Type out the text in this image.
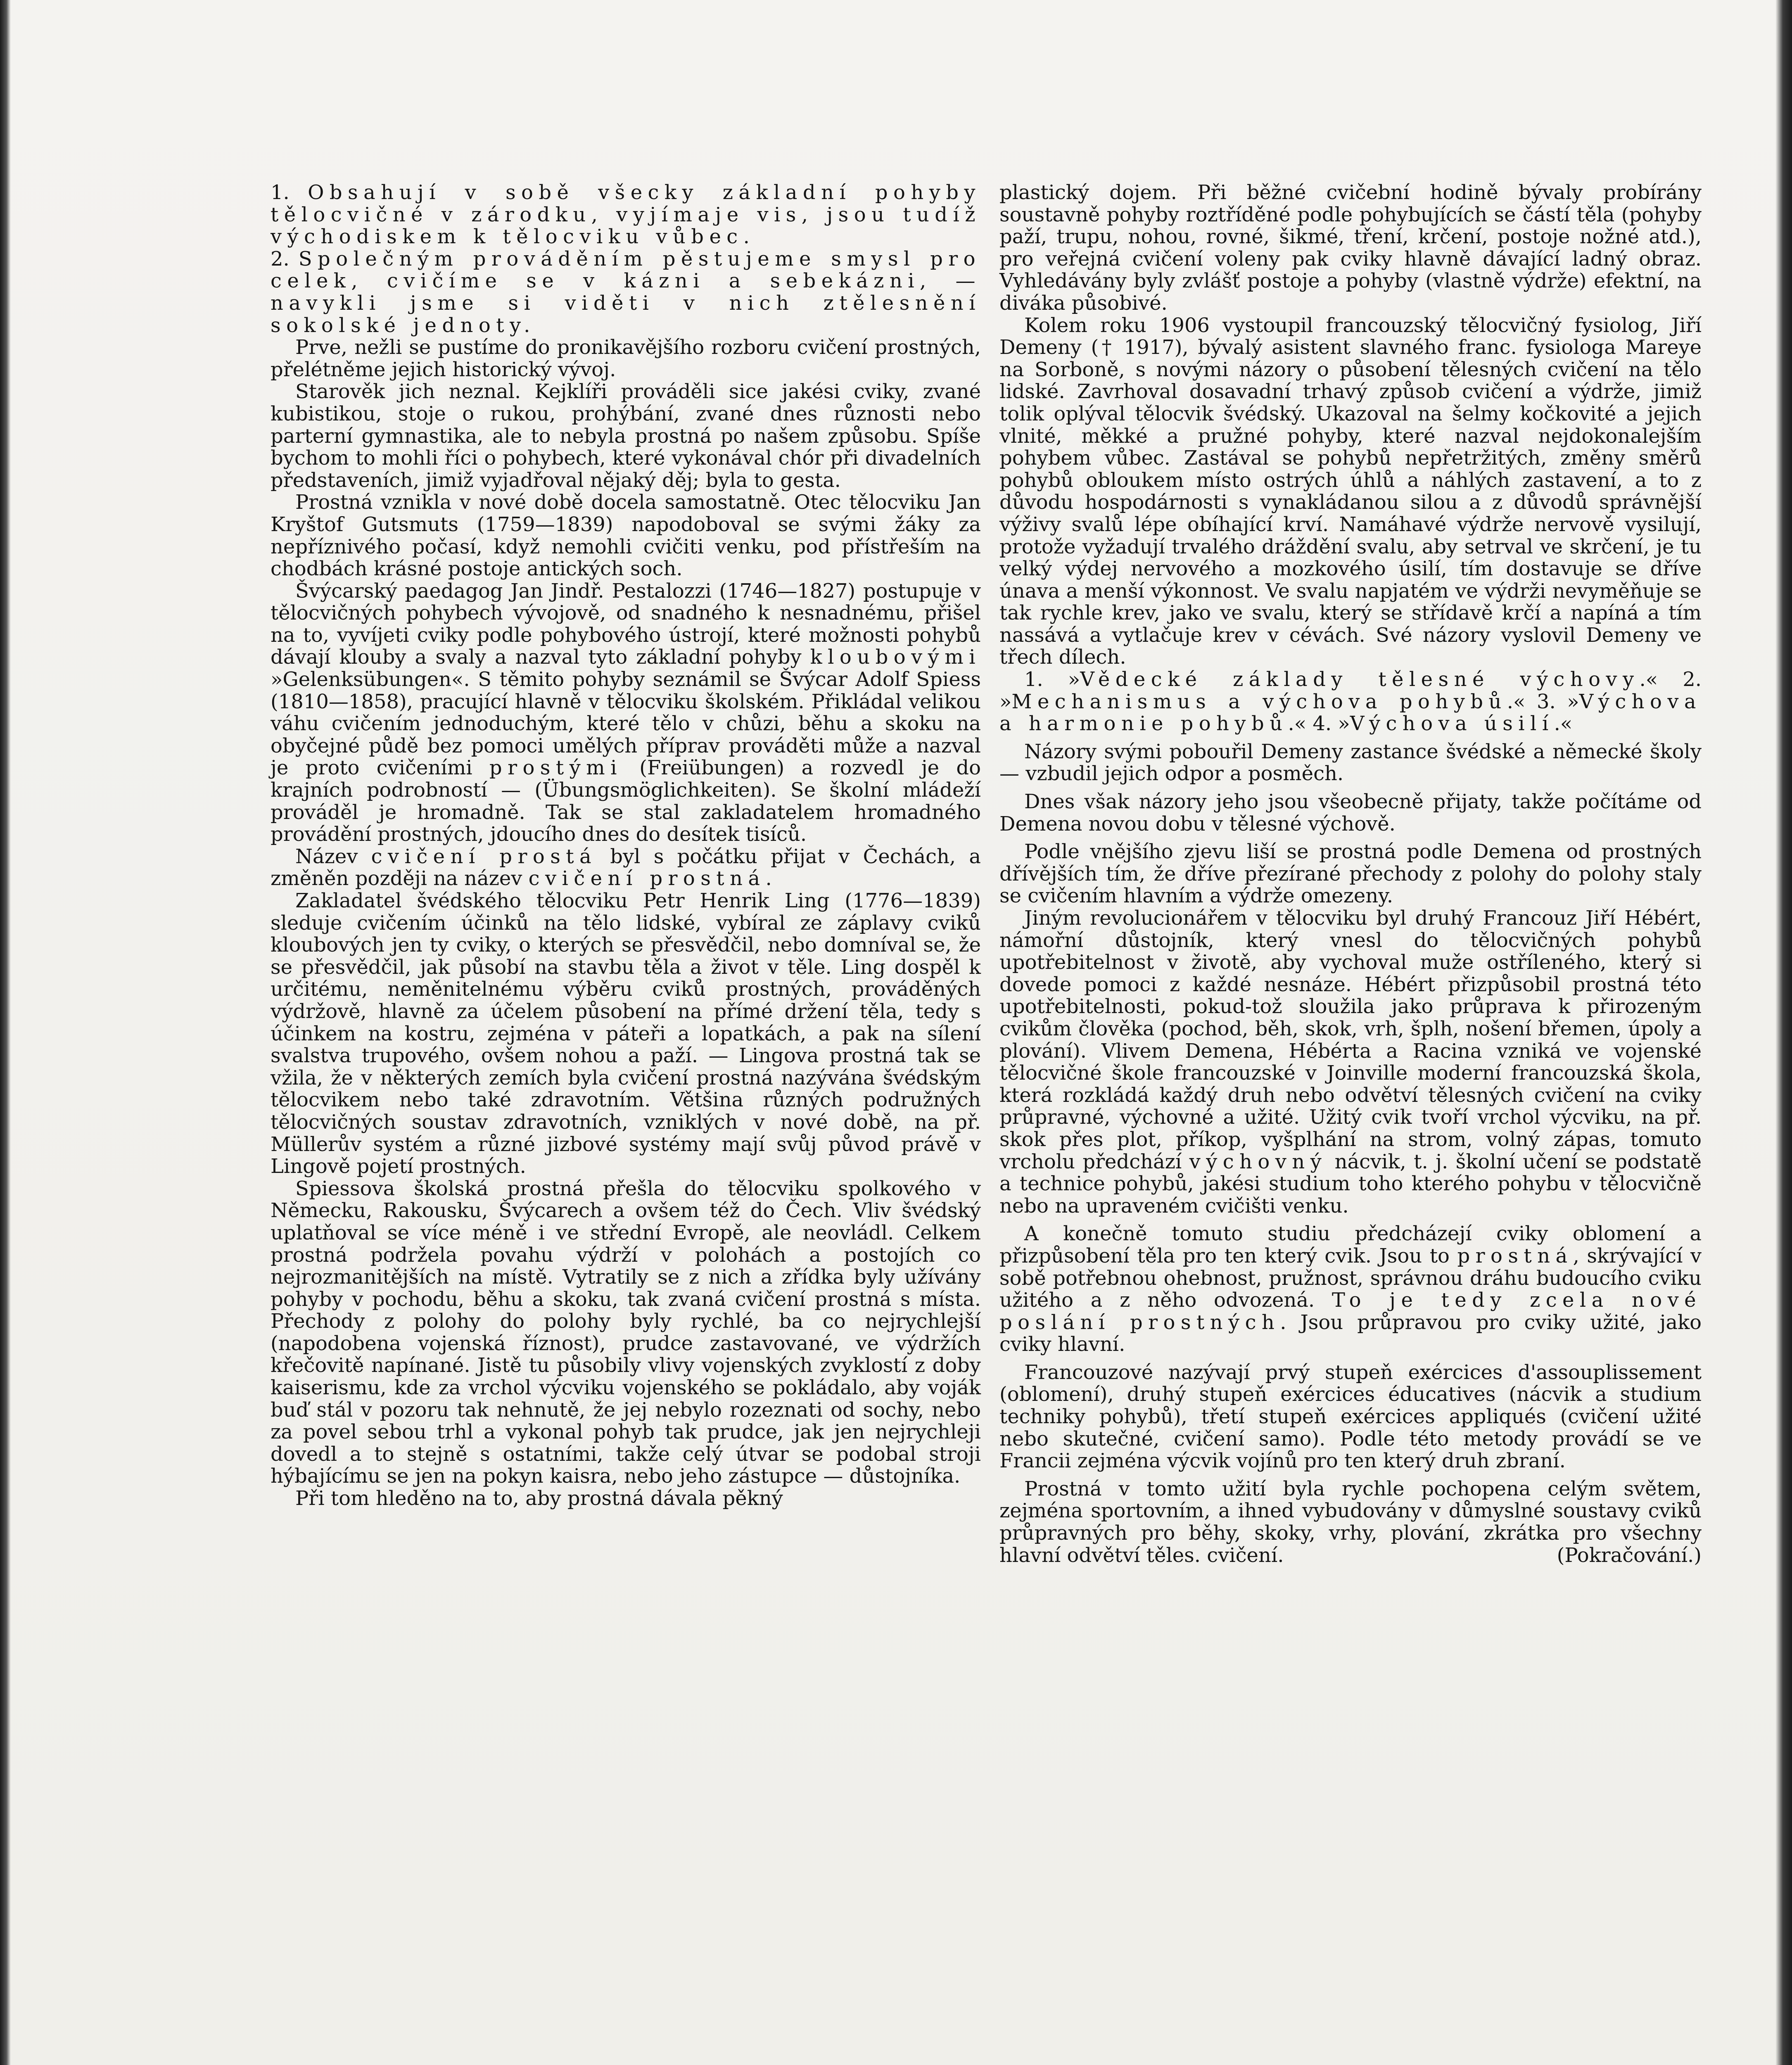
1. Obsahují v sobě všecky základní pohyby tělocvičné v zárodku, vyjímaje vis, jsou tudíž východiskem k tělocviku vůbec.

2. Společným prováděním pěstujeme smysl pro celek, cvičíme se v kázni a sebekázni, — navykli jsme si viděti v nich ztělesnění sokolské jednoty.

Prve, nežli se pustíme do pronikavějšího rozboru cvičení prostných, přelétněme jejich historický vývoj.

Starověk jich neznal. Kejklíři prováděli sice jakési cviky, zvané kubistikou, stoje o rukou, prohýbání, zvané dnes různosti nebo parterní gymnastika, ale to nebyla prostná po našem způsobu. Spíše bychom to mohli říci o pohybech, které vykonával chór při divadelních představeních, jimiž vyjadřoval nějaký děj; byla to gesta.

Prostná vznikla v nové době docela samostatně. Otec tělocviku Jan Kryštof Gutsmuts (1759—1839) napodoboval se svými žáky za nepříznivého počasí, když nemohli cvičiti venku, pod přístřeším na chodbách krásné postoje antických soch.

Švýcarský paedagog Jan Jindř. Pestalozzi (1746—1827) postupuje v tělocvičných pohybech vývojově, od snadného k nesnadnému, přišel na to, vyvíjeti cviky podle pohybového ústrojí, které možnosti pohybů dávají klouby a svaly a nazval tyto základní pohyby kloubovými »Gelenksübungen«. S těmito pohyby seznámil se Švýcar Adolf Spiess (1810—1858), pracující hlavně v tělocviku školském. Přikládal velikou váhu cvičením jednoduchým, které tělo v chůzi, běhu a skoku na obyčejné půdě bez pomoci umělých příprav prováděti může a nazval je proto cvičeními prostými (Freiübungen) a rozvedl je do krajních podrobností — (Übungsmöglichkeiten). Se školní mládeží prováděl je hromadně. Tak se stal zakladatelem hromadného provádění prostných, jdoucího dnes do desítek tisíců.

Název cvičení prostá byl s počátku přijat v Čechách, a změněn později na název cvičení prostná.

Zakladatel švédského tělocviku Petr Henrik Ling (1776—1839) sleduje cvičením účinků na tělo lidské, vybíral ze záplavy cviků kloubových jen ty cviky, o kterých se přesvědčil, nebo domníval se, že se přesvědčil, jak působí na stavbu těla a život v těle. Ling dospěl k určitému, neměnitelnému výběru cviků prostných, prováděných výdržově, hlavně za účelem působení na přímé držení těla, tedy s účinkem na kostru, zejména v páteři a lopatkách, a pak na sílení svalstva trupového, ovšem nohou a paží. — Lingova prostná tak se vžila, že v některých zemích byla cvičení prostná nazývána švédským tělocvikem nebo také zdravotním. Většina různých podružných tělocvičných soustav zdravotních, vzniklých v nové době, na př. Müllerův systém a různé jizbové systémy mají svůj původ právě v Lingově pojetí prostných.

Spiessova školská prostná přešla do tělocviku spolkového v Německu, Rakousku, Švýcarech a ovšem též do Čech. Vliv švédský uplatňoval se více méně i ve střední Evropě, ale neovládl. Celkem prostná podržela povahu výdrží v polohách a postojích co nejrozmanitějších na místě. Vytratily se z nich a zřídka byly užívány pohyby v pochodu, běhu a skoku, tak zvaná cvičení prostná s místa. Přechody z polohy do polohy byly rychlé, ba co nejrychlejší (napodobena vojenská říznost), prudce zastavované, ve výdržích křečovitě napínané. Jistě tu působily vlivy vojenských zvyklostí z doby kaiserismu, kde za vrchol výcviku vojenského se pokládalo, aby voják buď stál v pozoru tak nehnutě, že jej nebylo rozeznati od sochy, nebo za povel sebou trhl a vykonal pohyb tak prudce, jak jen nejrychleji dovedl a to stejně s ostatními, takže celý útvar se podobal stroji hýbajícímu se jen na pokyn kaisra, nebo jeho zástupce — důstojníka.

Při tom hleděno na to, aby prostná dávala pěkný

plastický dojem. Při běžné cvičební hodině bývaly probírány soustavně pohyby roztříděné podle pohybujících se částí těla (pohyby paží, trupu, nohou, rovné, šikmé, tření, krčení, postoje nožné atd.), pro veřejná cvičení voleny pak cviky hlavně dávající ladný obraz. Vyhledávány byly zvlášť postoje a pohyby (vlastně výdrže) efektní, na diváka působivé.

Kolem roku 1906 vystoupil francouzský tělocvičný fysiolog, Jiří Demeny († 1917), bývalý asistent slavného franc. fysiologa Mareye na Sorboně, s novými názory o působení tělesných cvičení na tělo lidské. Zavrhoval dosavadní trhavý způsob cvičení a výdrže, jimiž tolik oplýval tělocvik švédský. Ukazoval na šelmy kočkovité a jejich vlnité, měkké a pružné pohyby, které nazval nejdokonalejším pohybem vůbec. Zastával se pohybů nepřetržitých, změny směrů pohybů obloukem místo ostrých úhlů a náhlých zastavení, a to z důvodu hospodárnosti s vynakládanou silou a z důvodů správnější výživy svalů lépe obíhající krví. Namáhavé výdrže nervově vysilují, protože vyžadují trvalého dráždění svalu, aby setrval ve skrčení, je tu velký výdej nervového a mozkového úsilí, tím dostavuje se dříve únava a menší výkonnost. Ve svalu napjatém ve výdrži nevyměňuje se tak rychle krev, jako ve svalu, který se střídavě krčí a napíná a tím nassává a vytlačuje krev v cévách. Své názory vyslovil Demeny ve třech dílech.

1. »Vědecké základy tělesné výchovy.« 2. »Mechanismus a výchova pohybů.« 3. »Výchova a harmonie pohybů.« 4. »Výchova úsilí.«

Názory svými pobouřil Demeny zastance švédské a německé školy — vzbudil jejich odpor a posměch.

Dnes však názory jeho jsou všeobecně přijaty, takže počítáme od Demena novou dobu v tělesné výchově.

Podle vnějšího zjevu liší se prostná podle Demena od prostných dřívějších tím, že dříve přezírané přechody z polohy do polohy staly se cvičením hlavním a výdrže omezeny.

Jiným revolucionářem v tělocviku byl druhý Francouz Jiří Hébért, námořní důstojník, který vnesl do tělocvičných pohybů upotřebitelnost v životě, aby vychoval muže ostříleného, který si dovede pomoci z každé nesnáze. Hébért přizpůsobil prostná této upotřebitelnosti, pokud-tož sloužila jako průprava k přirozeným cvikům člověka (pochod, běh, skok, vrh, šplh, nošení břemen, úpoly a plování). Vlivem Demena, Hébérta a Racina vzniká ve vojenské tělocvičné škole francouzské v Joinville moderní francouzská škola, která rozkládá každý druh nebo odvětví tělesných cvičení na cviky průpravné, výchovné a užité. Užitý cvik tvoří vrchol výcviku, na př. skok přes plot, příkop, vyšplhání na strom, volný zápas, tomuto vrcholu předchází výchovný nácvik, t. j. školní učení se podstatě a technice pohybů, jakési studium toho kterého pohybu v tělocvičně nebo na upraveném cvičišti venku.

A konečně tomuto studiu předcházejí cviky oblomení a přizpůsobení těla pro ten který cvik. Jsou to prostná, skrývající v sobě potřebnou ohebnost, pružnost, správnou dráhu budoucího cviku užitého a z něho odvozená. To je tedy zcela nové poslání prostných. Jsou průpravou pro cviky užité, jako cviky hlavní.

Francouzové nazývají prvý stupeň exércices d'assouplissement (oblomení), druhý stupeň exércices éducatives (nácvik a studium techniky pohybů), třetí stupeň exércices appliqués (cvičení užité nebo skutečné, cvičení samo). Podle této metody provádí se ve Francii zejména výcvik vojínů pro ten který druh zbraní.

Prostná v tomto užití byla rychle pochopena celým světem, zejména sportovním, a ihned vybudovány v důmyslné soustavy cviků průpravných pro běhy, skoky, vrhy, plování, zkrátka pro všechny hlavní odvětví těles. cvičení.	(Pokračování.)
